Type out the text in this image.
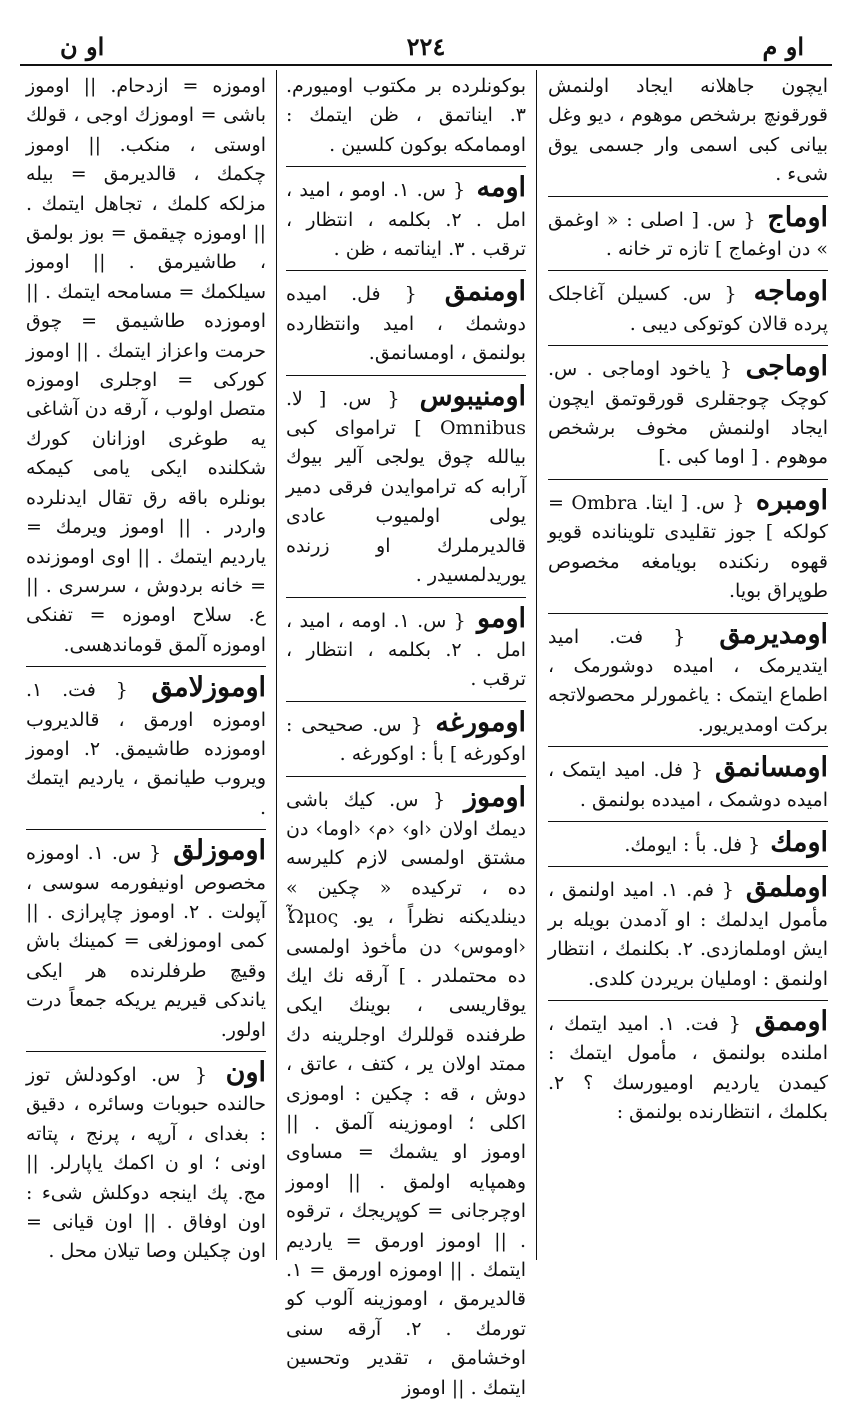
او م
٢٢٤
او ن
ایچون جاهلانه ایجاد اولنمش قورقونچ برشخص موهوم ، دیو وغل بیانی کبی اسمی وار جسمی یوق شیء .
اوماج { س. [ اصلی : « اوغمق » دن اوغماج ] تازه تر خانه .
اوماجه { س. کسیلن آغاجلک پرده قالان کوتوکی دیبی .
اوماجی { یاخود اوماجی . س. کوچک چوجقلری قورقوتمق ایچون ایجاد اولنمش مخوف برشخص موهوم . [ اوما کبی .]
اومبره { س. [ ایتا. Ombra = کولکه ] جوز تقلیدی تلوینانده قویو قهوه رنکنده بویامغه مخصوص طوپراق بویا.
اومدیرمق { فت. امید ایتدیرمک ، امیده دوشورمک ، اطماع ایتمک : یاغمورلر محصولاتجه برکت اومدیریور.
اومسانمق { فل. امید ایتمک ، امیده دوشمک ، امیدده بولنمق .
اومك { فل. بأ : ایومك.
اوملمق { فم. ١. امید اولنمق ، مأمول ایدلمك : او آدمدن بویله بر ایش اوملمازدی. ٢. بکلنمك ، انتظار اولنمق : اوملیان بریردن کلدی.
اوممق { فت. ١. امید ایتمك ، املنده بولنمق ، مأمول ایتمك : کیمدن یاردیم اومیورسك ؟ ٢. بکلمك ، انتظارنده بولنمق :
بوکونلرده بر مکتوب اومیورم. ٣. ایناتمق ، ظن ایتمك : اوممامکه بوکون کلسین .
اومه { س. ١. اومو ، امید ، امل . ٢. بکلمه ، انتظار ، ترقب . ٣. ایناتمه ، ظن .
اومنمق { فل. امیده دوشمك ، امید وانتظارده بولنمق ، اومسانمق.
اومنیبوس { س. [ لا. Omnibus ] تراموای کبی بیالله چوق یولجی آلیر بیوك آرابه که تراموایدن فرقی دمیر یولی اولمیوب عادی قالدیرملرك او زرنده یوریدلمسیدر .
اومو { س. ١. اومه ، امید ، امل . ٢. بکلمه ، انتظار ، ترقب .
اومورغه { س. صحیحی : اوکورغه ] بأ : اوکورغه .
اوموز { س. کیك باشی دیمك اولان ‹او› ‹م› ‹اوما› دن مشتق اولمسی لازم کلیرسه ده ، ترکیده « چکین » دینلدیکنه نظراً ، یو. Ὦμος ‹اوموس› دن مأخوذ اولمسی ده محتملدر . ] آرقه نك ایك یوقاریسی ، بوینك ایکی طرفنده قوللرك اوجلرینه دك ممتد اولان یر ، کتف ، عاتق ، دوش ، قه : چکین : اوموزی اکلی ؛ اوموزینه آلمق . || اوموز او یشمك = مساوی وهمپایه اولمق . || اوموز اوچرجانی = کوپریجك ، ترقوه . || اوموز اورمق = یاردیم ایتمك . || اوموزه اورمق = ١. قالدیرمق ، اوموزینه آلوب کو تورمك . ٢. آرقه سنی اوخشامق ، تقدیر وتحسین ایتمك . || اوموز
اوموزه = ازدحام. || اوموز باشی = اوموزك اوجی ، قولك اوستی ، منکب. || اوموز چکمك ، قالدیرمق = بیله مزلکه کلمك ، تجاهل ایتمك . || اوموزه چیقمق = بوز بولمق ، طاشیرمق . || اوموز سیلکمك = مسامحه ایتمك . || اوموزده طاشیمق = چوق حرمت واعزاز ایتمك . || اوموز کورکی = اوجلری اوموزه متصل اولوب ، آرقه دن آشاغی یه طوغری اوزانان کورك شکلنده ایکی یامی کیمکه بونلره باقه رق تقال ایدنلرده واردر . || اوموز ویرمك = یاردیم ایتمك . || اوی اوموزنده = خانه بردوش ، سرسری . || ع. سلاح اوموزه = تفنکی اوموزه آلمق قوماندهسی.
اوموزلامق { فت. ١. اوموزه اورمق ، قالدیروب اوموزده طاشیمق. ٢. اوموز ویروب طیانمق ، یاردیم ایتمك .
اوموزلق { س. ١. اوموزه مخصوص اونیفورمه سوسی ، آپولت . ٢. اوموز چاپرازی . || کمی اوموزلغی = کمینك باش وقیچ طرفلرنده هر ایکی یاندکی قیریم یریکه جمعاً درت اولور.
اون { س. اوکودلش توز حالنده حبوبات وسائره ، دقیق : بغدای ، آرپه ، پرنج ، پتاته اونی ؛ او ن اکمك یاپارلر. || مج. پك اینجه دوکلش شیء : اون اوفاق . || اون قیانی = اون چکیلن وصا تیلان محل .
